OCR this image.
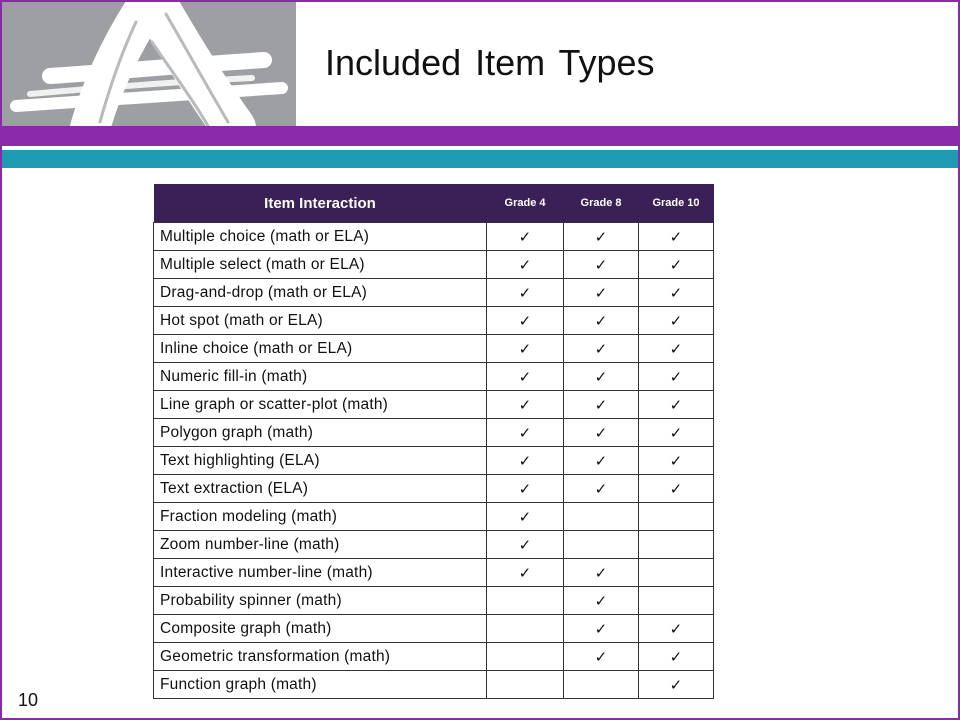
Included Item Types
Item Interaction	Grade 4	Grade 8	Grade 10
Multiple choice (math or ELA)	✓	✓	✓
Multiple select (math or ELA)	✓	✓	✓
Drag-and-drop (math or ELA)	✓	✓	✓
Hot spot (math or ELA)	✓	✓	✓
Inline choice (math or ELA)	✓	✓	✓
Numeric fill-in (math)	✓	✓	✓
Line graph or scatter-plot (math)	✓	✓	✓
Polygon graph (math)	✓	✓	✓
Text highlighting (ELA)	✓	✓	✓
Text extraction (ELA)	✓	✓	✓
Fraction modeling (math)	✓		
Zoom number-line (math)	✓		
Interactive number-line (math)	✓	✓	
Probability spinner (math)		✓	
Composite graph (math)		✓	✓
Geometric transformation (math)		✓	✓
Function graph (math)			✓
10
